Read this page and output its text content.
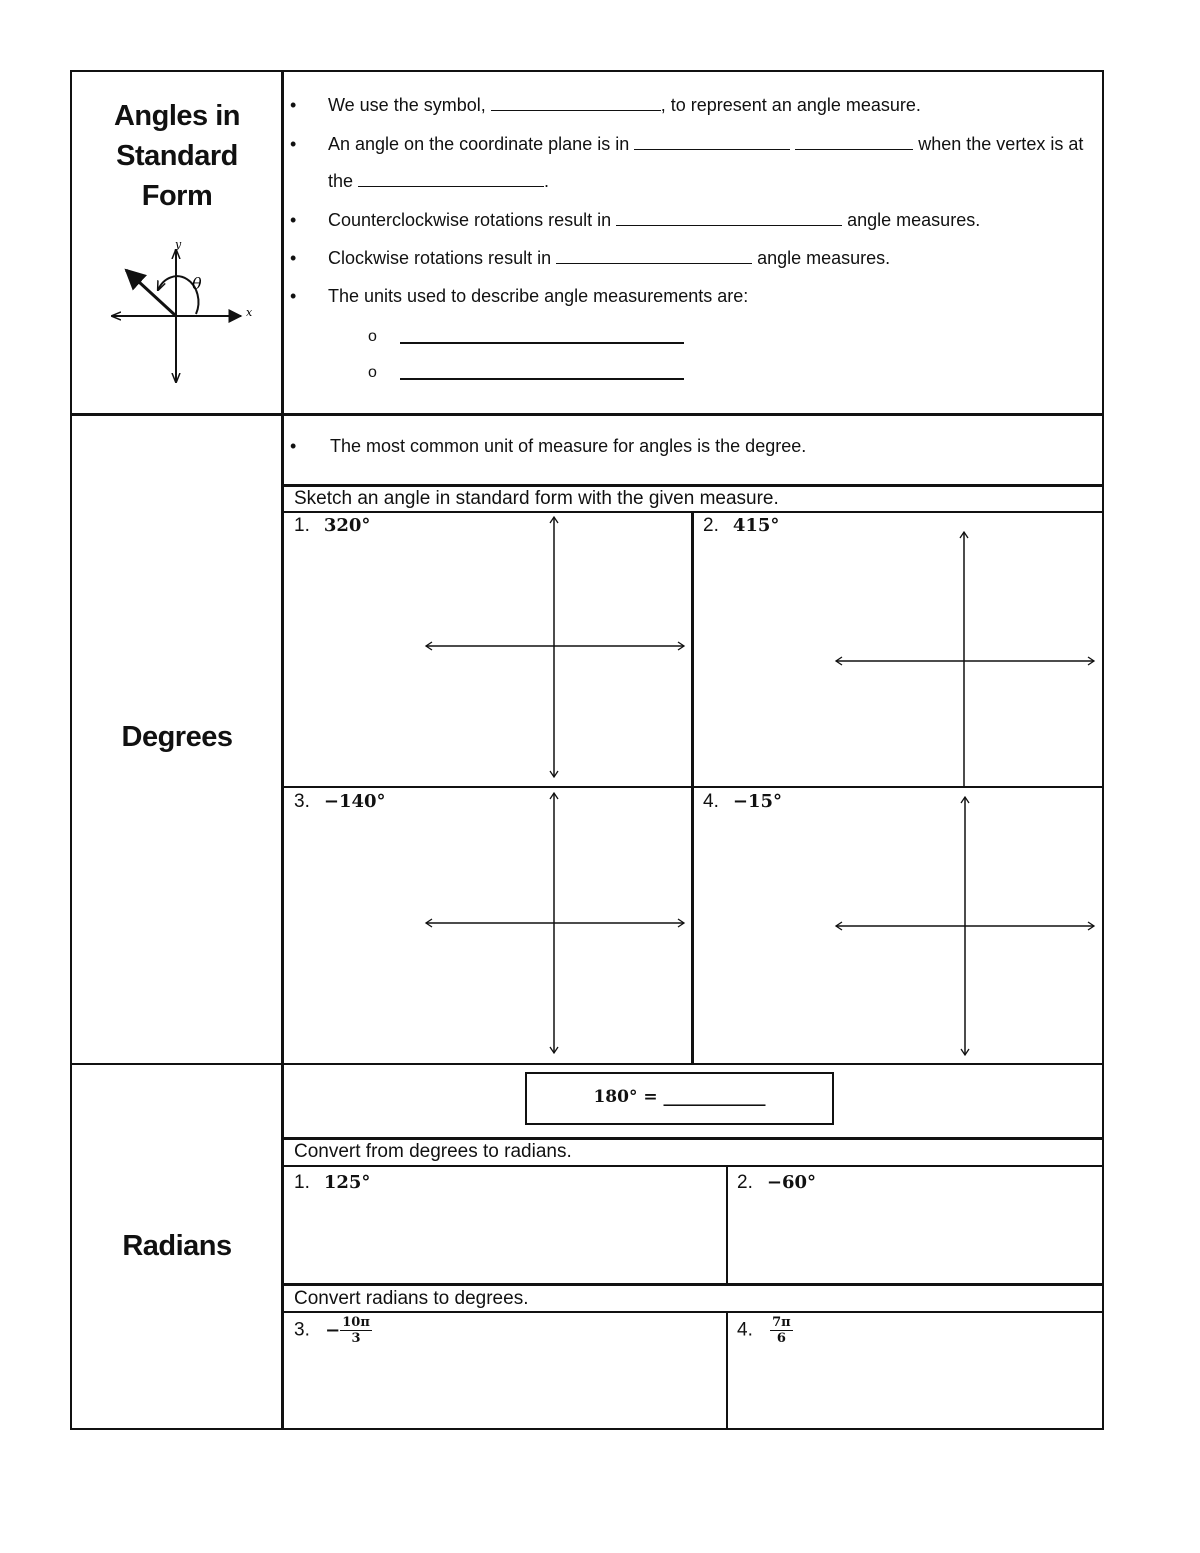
Angles in
Standard
Form
y
x
θ
• We use the symbol,	, to represent an angle measure.
• An angle on the coordinate plane is in	when the vertex is at
the	.
• Counterclockwise rotations result in	angle measures.
• Clockwise rotations result in	angle measures.
• The units used to describe angle measurements are:
o
o
Degrees
• The most common unit of measure for angles is the degree.
Sketch an angle in standard form with the given measure.
1. 320°	2. 415°
3. −140°	4. −15°
Radians
180° = ____________
Convert from degrees to radians.
Convert radians to degrees.
1. 125°	2. −60°
3. − $\frac{10\pi}{3}$	4. $\frac{7\pi}{6}$
